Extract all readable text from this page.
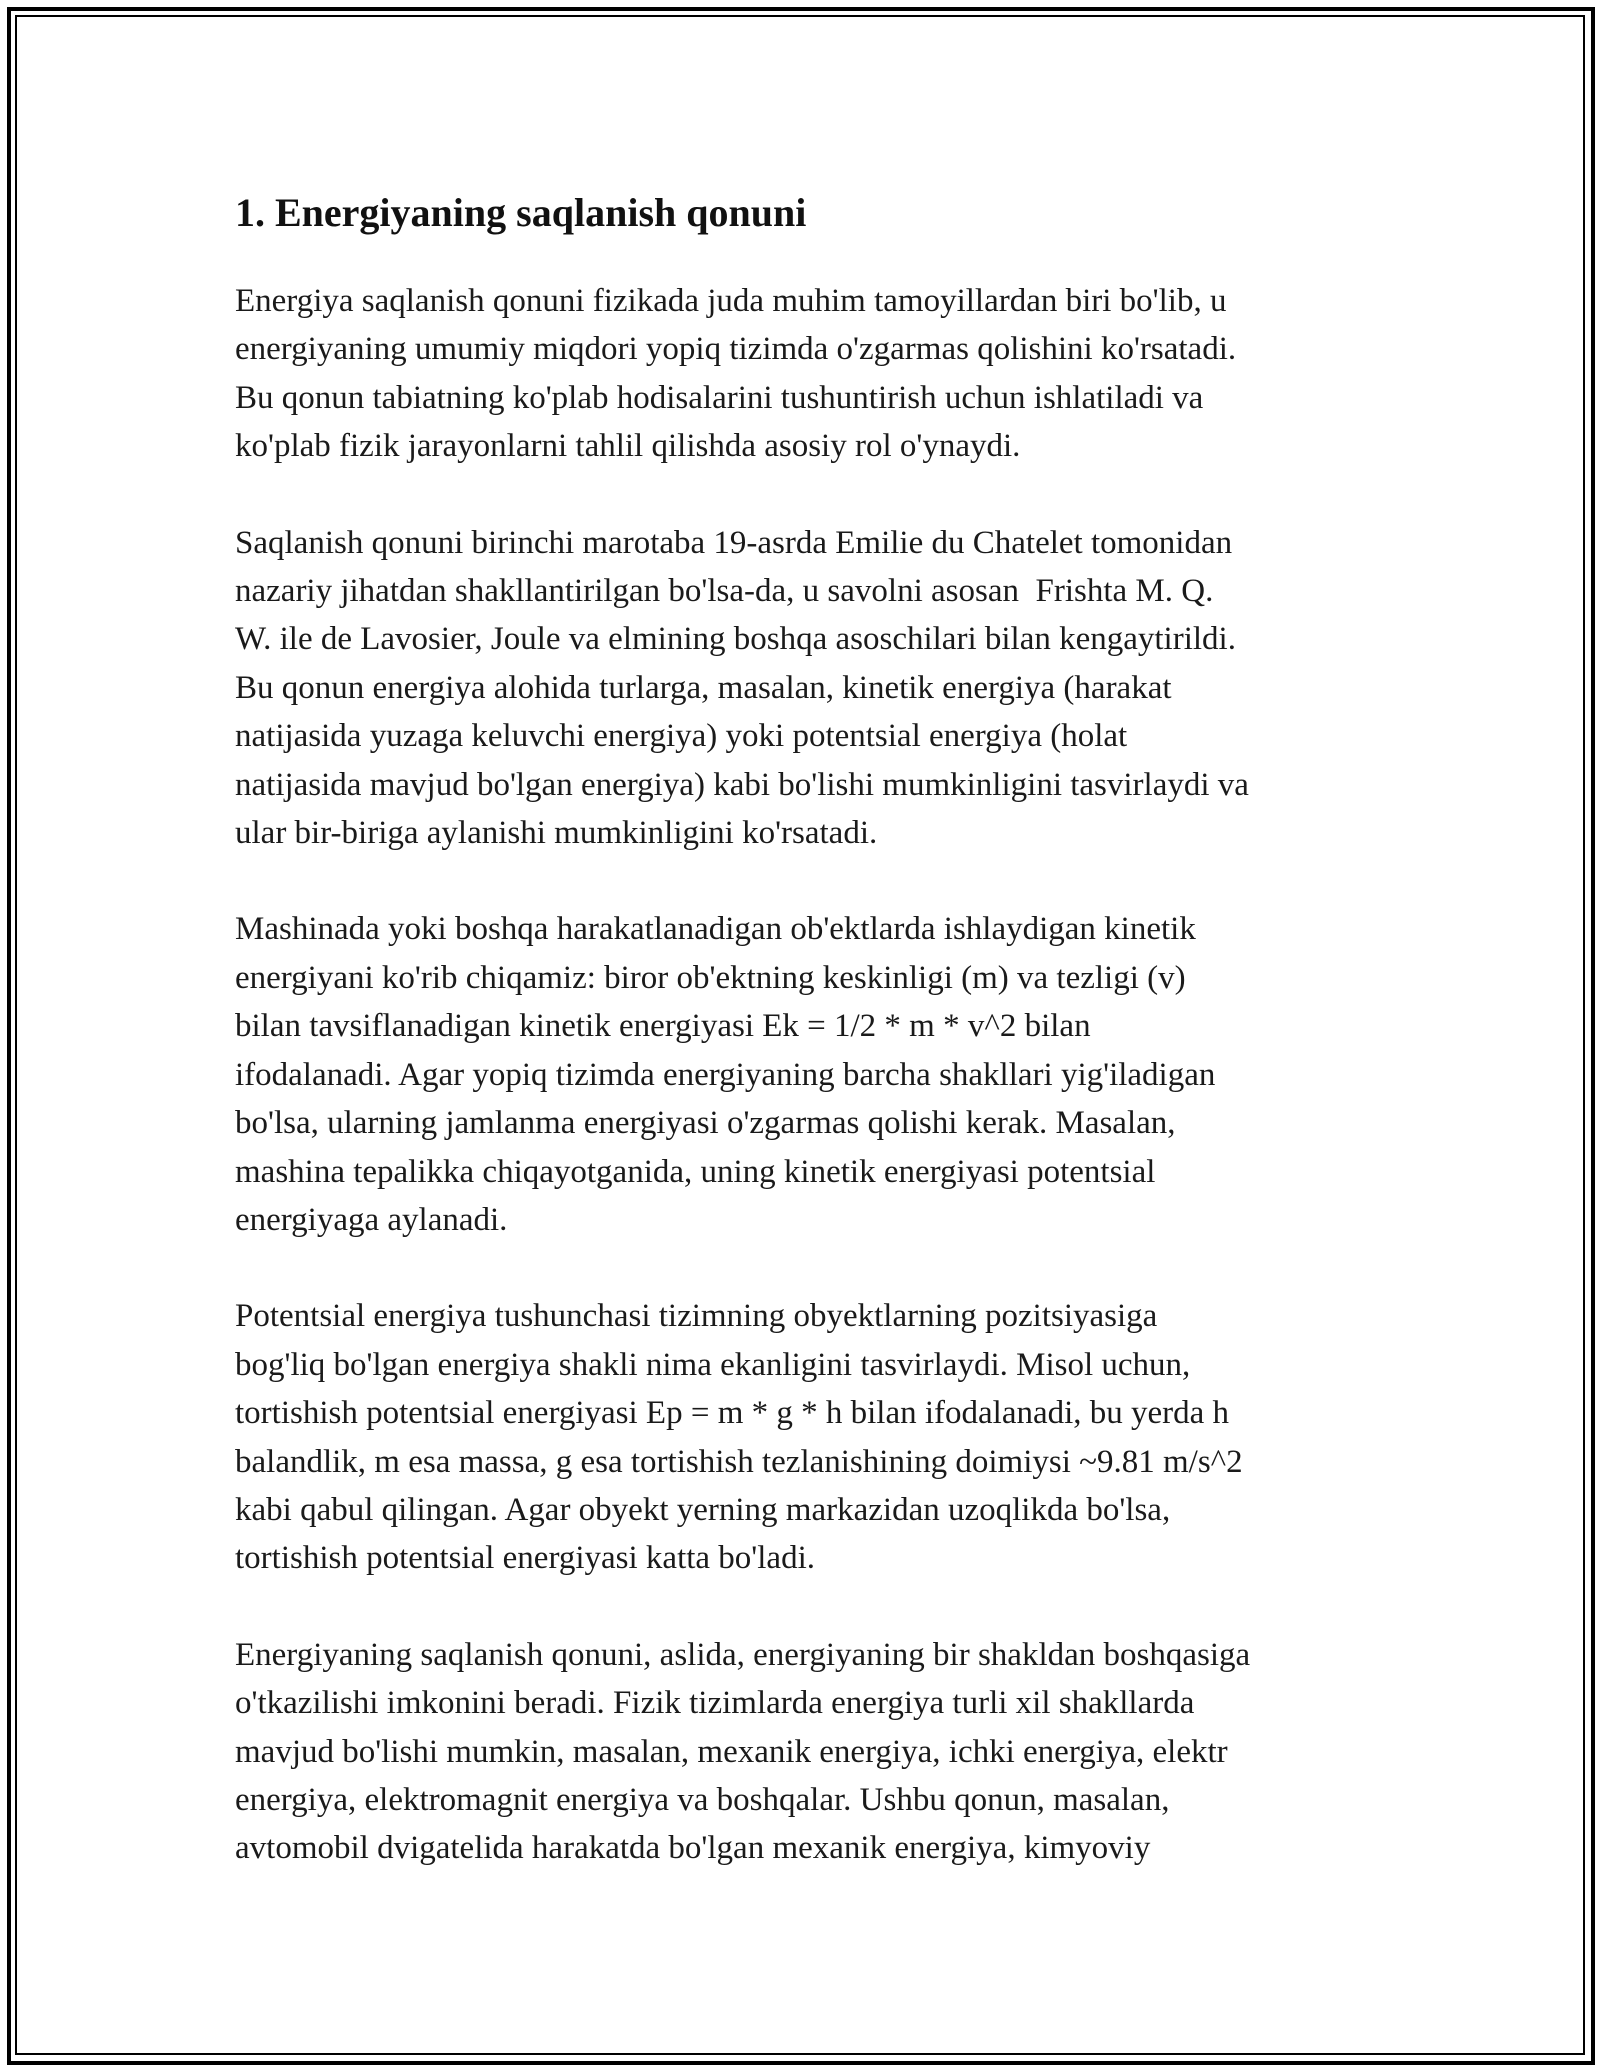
1. Energiyaning saqlanish qonuni

Energiya saqlanish qonuni fizikada juda muhim tamoyillardan biri bo'lib, u
energiyaning umumiy miqdori yopiq tizimda o'zgarmas qolishini ko'rsatadi.
Bu qonun tabiatning ko'plab hodisalarini tushuntirish uchun ishlatiladi va
ko'plab fizik jarayonlarni tahlil qilishda asosiy rol o'ynaydi.

Saqlanish qonuni birinchi marotaba 19-asrda Emilie du Chatelet tomonidan
nazariy jihatdan shakllantirilgan bo'lsa-da, u savolni asosan  Frishta M. Q.
W. ile de Lavosier, Joule va elmining boshqa asoschilari bilan kengaytirildi.
Bu qonun energiya alohida turlarga, masalan, kinetik energiya (harakat
natijasida yuzaga keluvchi energiya) yoki potentsial energiya (holat
natijasida mavjud bo'lgan energiya) kabi bo'lishi mumkinligini tasvirlaydi va
ular bir-biriga aylanishi mumkinligini ko'rsatadi.

Mashinada yoki boshqa harakatlanadigan ob'ektlarda ishlaydigan kinetik
energiyani ko'rib chiqamiz: biror ob'ektning keskinligi (m) va tezligi (v)
bilan tavsiflanadigan kinetik energiyasi Ek = 1/2 * m * v^2 bilan
ifodalanadi. Agar yopiq tizimda energiyaning barcha shakllari yig'iladigan
bo'lsa, ularning jamlanma energiyasi o'zgarmas qolishi kerak. Masalan,
mashina tepalikka chiqayotganida, uning kinetik energiyasi potentsial
energiyaga aylanadi.

Potentsial energiya tushunchasi tizimning obyektlarning pozitsiyasiga
bog'liq bo'lgan energiya shakli nima ekanligini tasvirlaydi. Misol uchun,
tortishish potentsial energiyasi Ep = m * g * h bilan ifodalanadi, bu yerda h
balandlik, m esa massa, g esa tortishish tezlanishining doimiysi ~9.81 m/s^2
kabi qabul qilingan. Agar obyekt yerning markazidan uzoqlikda bo'lsa,
tortishish potentsial energiyasi katta bo'ladi.

Energiyaning saqlanish qonuni, aslida, energiyaning bir shakldan boshqasiga
o'tkazilishi imkonini beradi. Fizik tizimlarda energiya turli xil shakllarda
mavjud bo'lishi mumkin, masalan, mexanik energiya, ichki energiya, elektr
energiya, elektromagnit energiya va boshqalar. Ushbu qonun, masalan,
avtomobil dvigatelida harakatda bo'lgan mexanik energiya, kimyoviy
